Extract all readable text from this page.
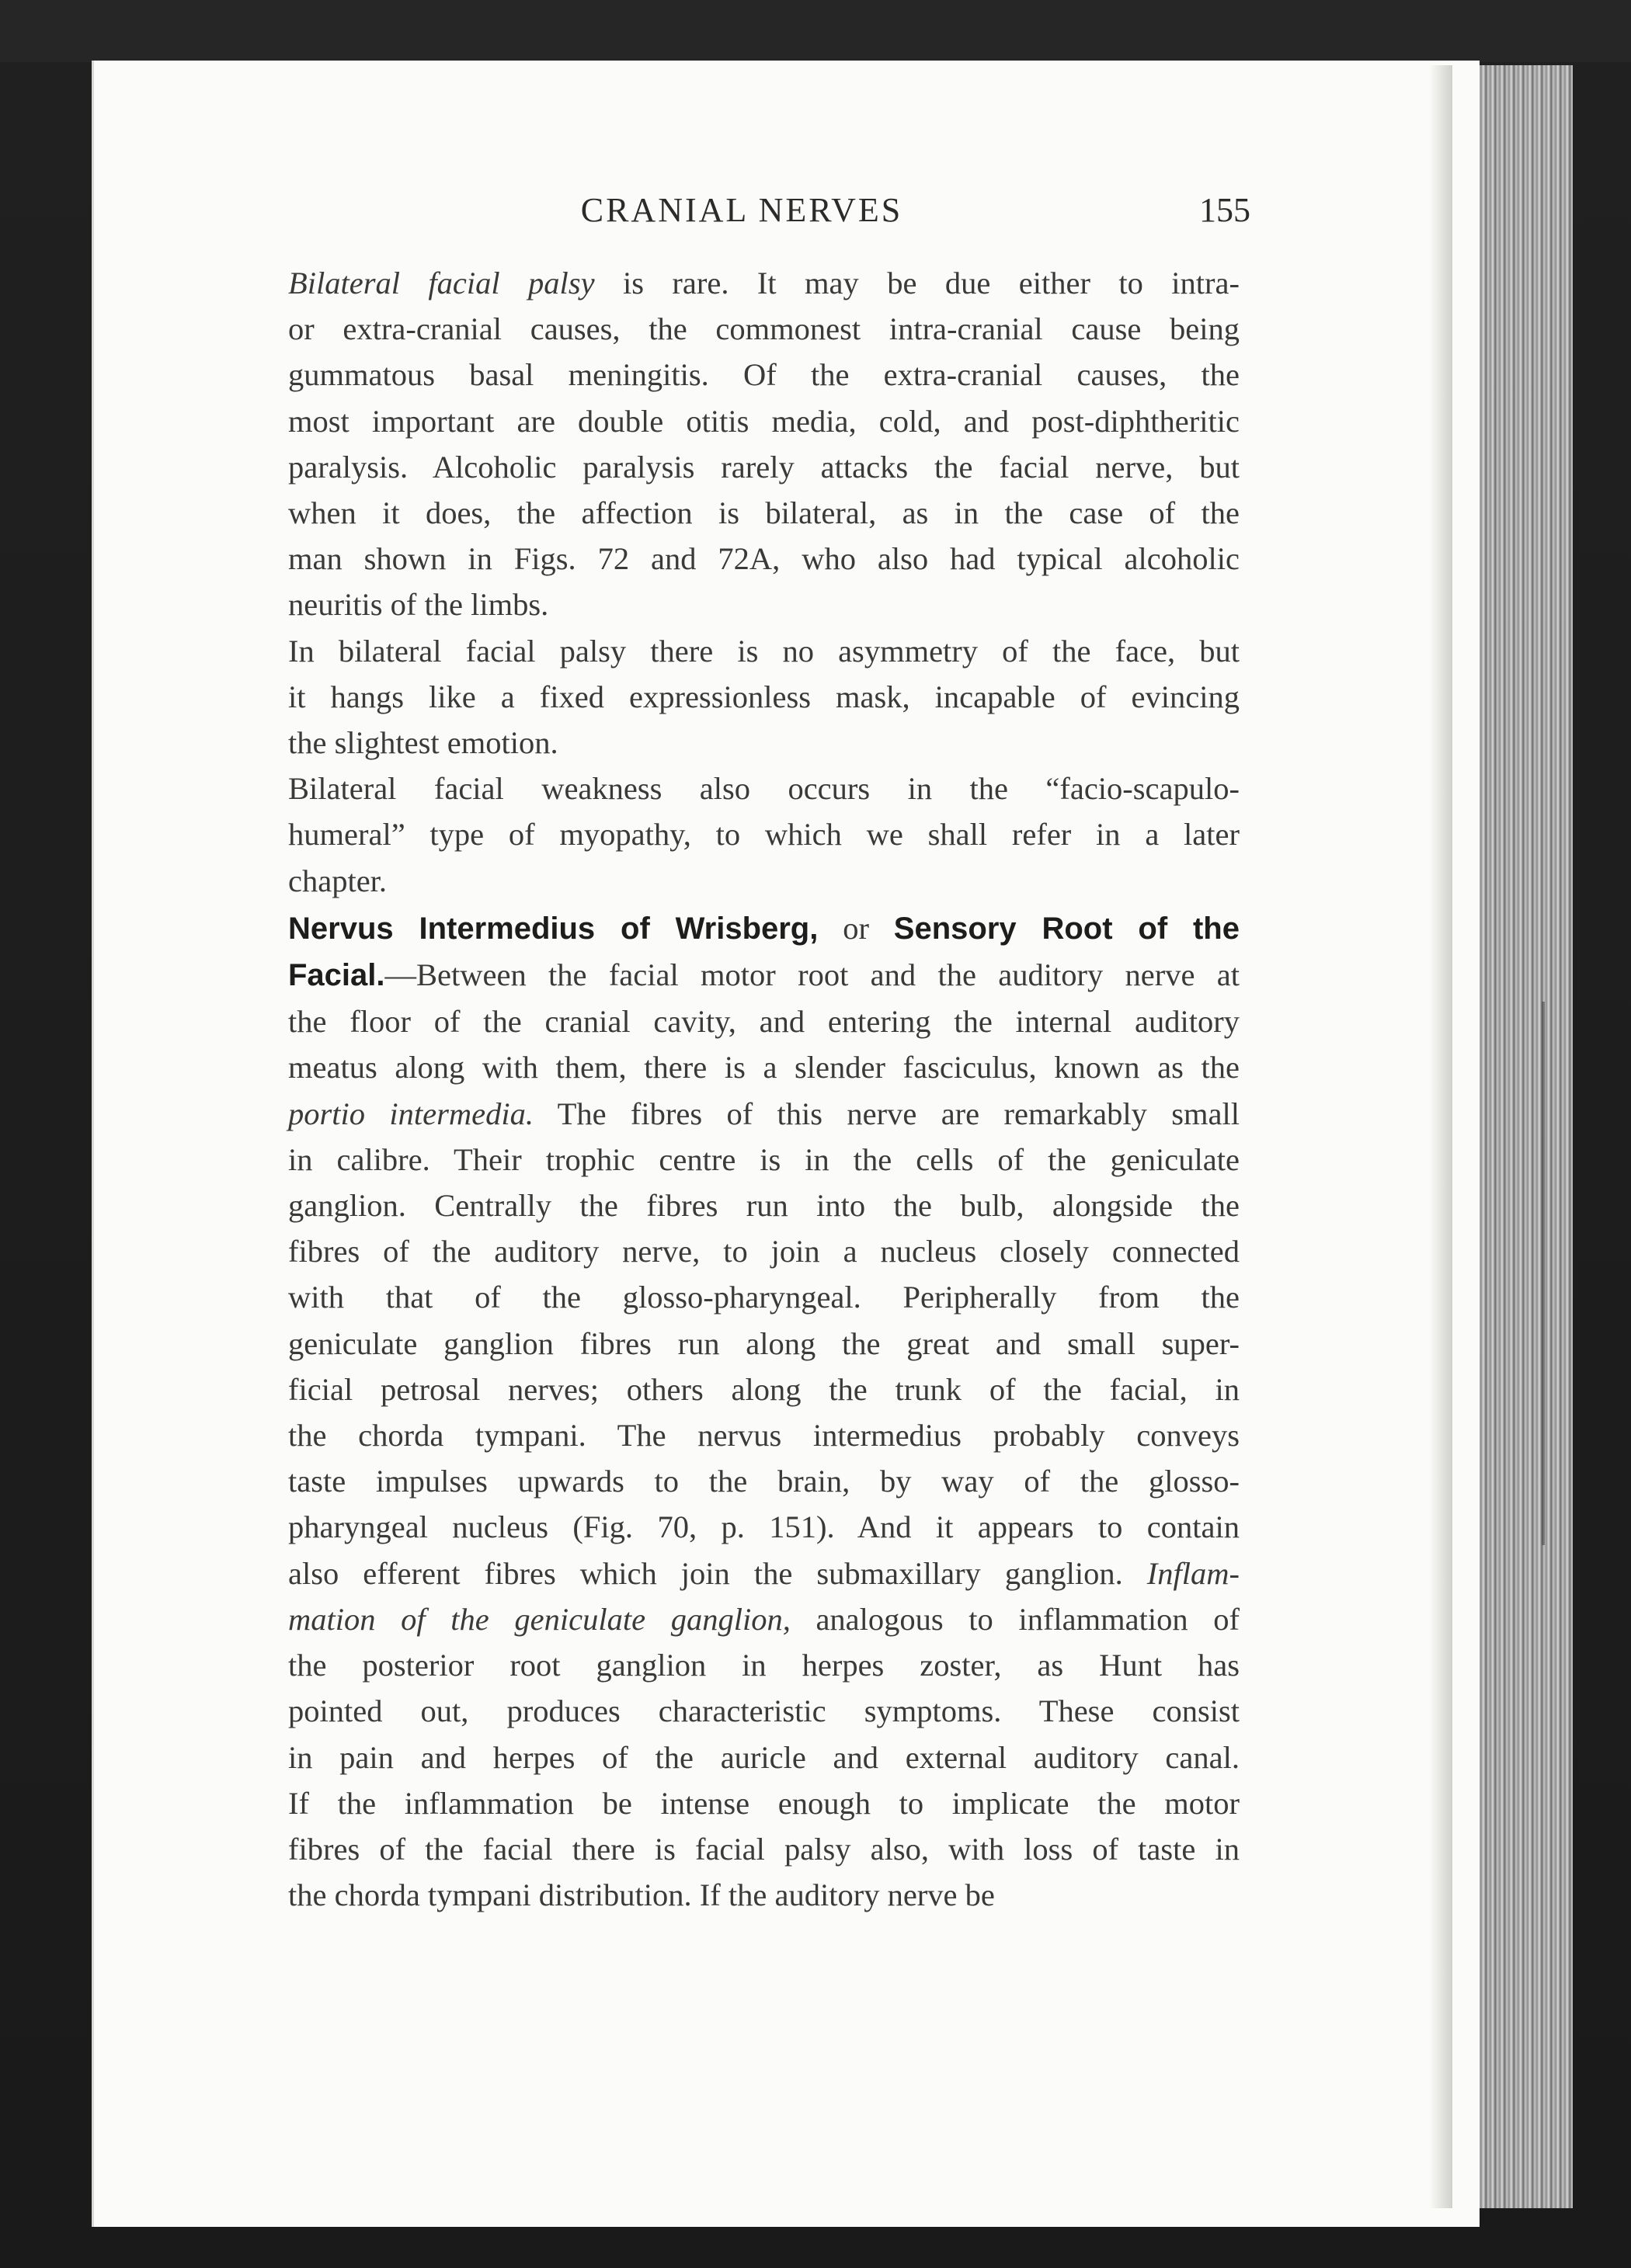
CRANIAL NERVES	155

Bilateral facial palsy is rare. It may be due either to intra-
or extra-cranial causes, the commonest intra-cranial cause being
gummatous basal meningitis. Of the extra-cranial causes, the
most important are double otitis media, cold, and post-diphtheritic
paralysis. Alcoholic paralysis rarely attacks the facial nerve, but
when it does, the affection is bilateral, as in the case of the
man shown in Figs. 72 and 72A, who also had typical alcoholic
neuritis of the limbs.

In bilateral facial palsy there is no asymmetry of the face, but
it hangs like a fixed expressionless mask, incapable of evincing
the slightest emotion.

Bilateral facial weakness also occurs in the “facio-scapulo-
humeral” type of myopathy, to which we shall refer in a later
chapter.

Nervus Intermedius of Wrisberg, or Sensory Root of the
Facial.—Between the facial motor root and the auditory nerve at
the floor of the cranial cavity, and entering the internal auditory
meatus along with them, there is a slender fasciculus, known as the
portio intermedia. The fibres of this nerve are remarkably small
in calibre. Their trophic centre is in the cells of the geniculate
ganglion. Centrally the fibres run into the bulb, alongside the
fibres of the auditory nerve, to join a nucleus closely connected
with that of the glosso-pharyngeal. Peripherally from the
geniculate ganglion fibres run along the great and small super-
ficial petrosal nerves; others along the trunk of the facial, in
the chorda tympani. The nervus intermedius probably conveys
taste impulses upwards to the brain, by way of the glosso-
pharyngeal nucleus (Fig. 70, p. 151). And it appears to contain
also efferent fibres which join the submaxillary ganglion. Inflam-
mation of the geniculate ganglion, analogous to inflammation of
the posterior root ganglion in herpes zoster, as Hunt has
pointed out, produces characteristic symptoms. These consist
in pain and herpes of the auricle and external auditory canal.
If the inflammation be intense enough to implicate the motor
fibres of the facial there is facial palsy also, with loss of taste in
the chorda tympani distribution. If the auditory nerve be
